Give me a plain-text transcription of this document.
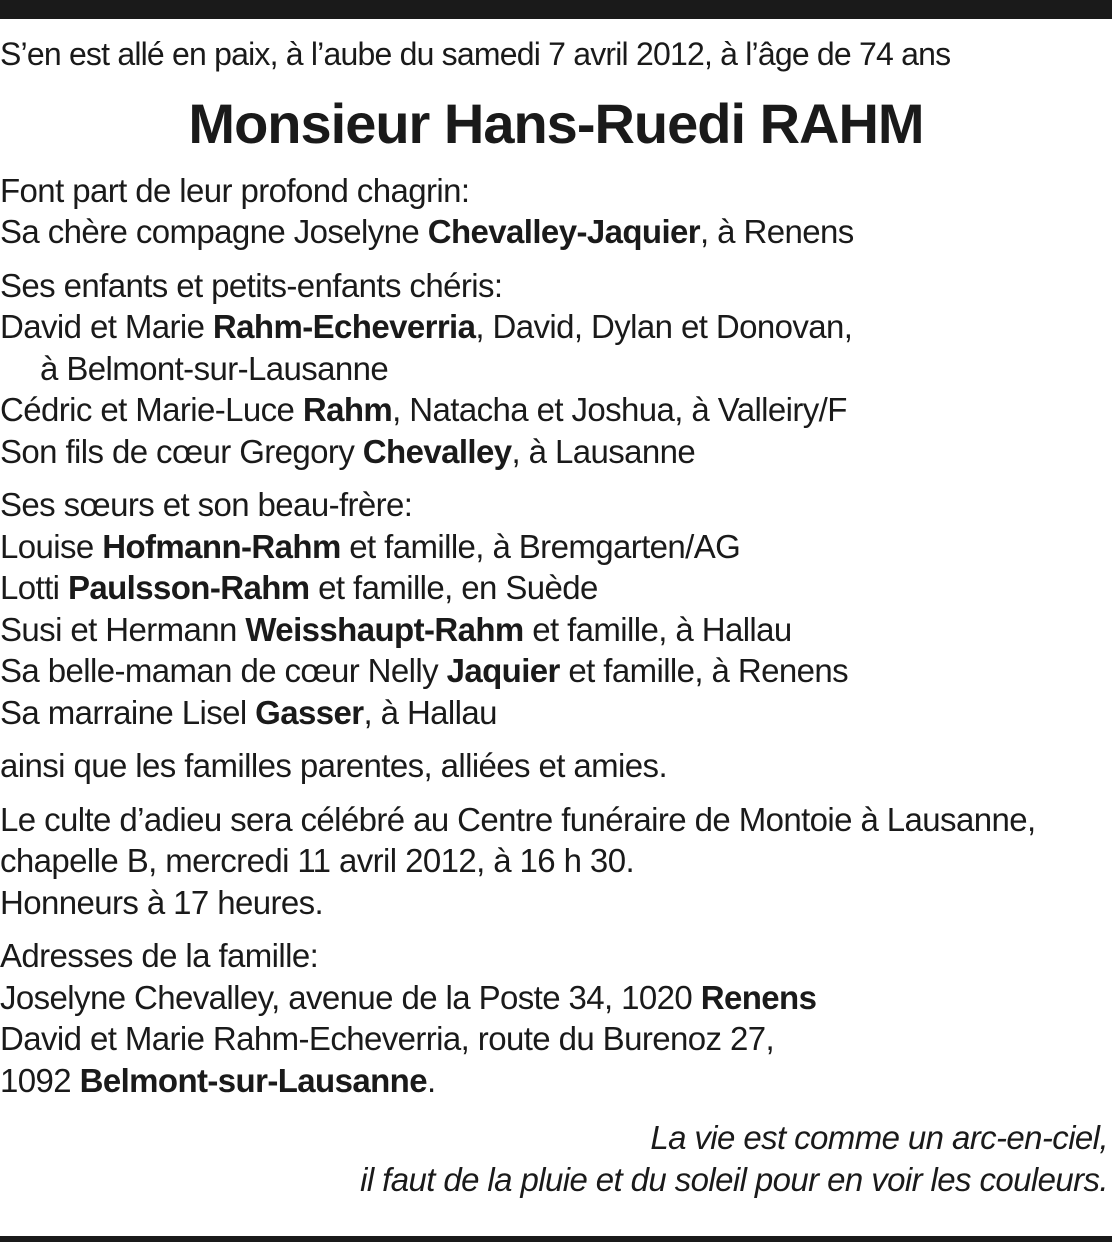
S’en est allé en paix, à l’aube du samedi 7 avril 2012, à l’âge de 74 ans

Monsieur Hans-Ruedi RAHM
Font part de leur profond chagrin:
Sa chère compagne Joselyne Chevalley-Jaquier, à Renens
Ses enfants et petits-enfants chéris:
David et Marie Rahm-Echeverria, David, Dylan et Donovan,
à Belmont-sur-Lausanne
Cédric et Marie-Luce Rahm, Natacha et Joshua, à Valleiry/F
Son fils de cœur Gregory Chevalley, à Lausanne
Ses sœurs et son beau-frère:
Louise Hofmann-Rahm et famille, à Bremgarten/AG
Lotti Paulsson-Rahm et famille, en Suède
Susi et Hermann Weisshaupt-Rahm et famille, à Hallau
Sa belle-maman de cœur Nelly Jaquier et famille, à Renens
Sa marraine Lisel Gasser, à Hallau
ainsi que les familles parentes, alliées et amies.
Le culte d’adieu sera célébré au Centre funéraire de Montoie à Lausanne,
chapelle B, mercredi 11 avril 2012, à 16 h 30.
Honneurs à 17 heures.
Adresses de la famille:
Joselyne Chevalley, avenue de la Poste 34, 1020 Renens
David et Marie Rahm-Echeverria, route du Burenoz 27,
1092 Belmont-sur-Lausanne.
La vie est comme un arc-en-ciel,
il faut de la pluie et du soleil pour en voir les couleurs.
